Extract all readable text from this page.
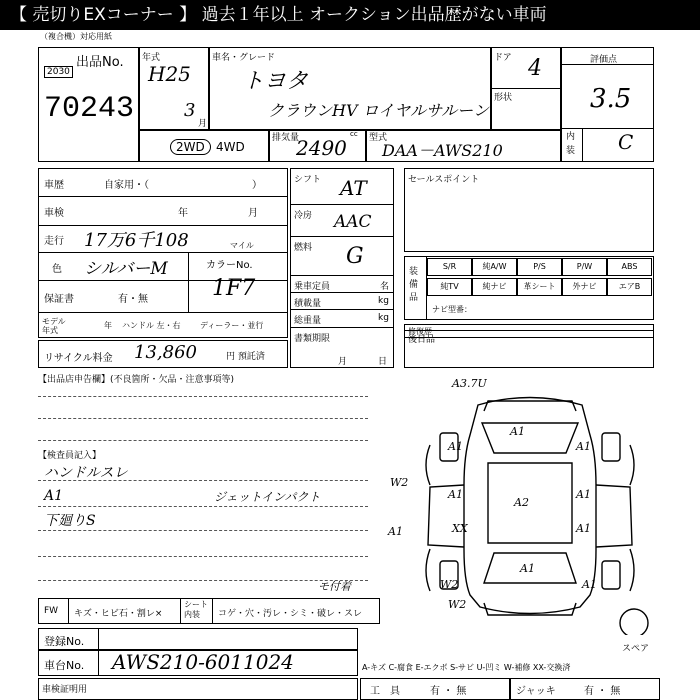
【 売切りEXコーナー 】 過去１年以上 オークション出品歴がない車両
（複合機）対応用紙
出品No.
2030
70243
年式
H25
3
月
車名・グレード
トヨタ
クラウンHV ロイヤルサルーン
ドア 4
形状
評価点
3.5
内装 C
2WD 4WD
排気量	cc
2490 型式
DAA－AWS210
車歴	自家用・（	）
車検	年	月
走行 17万6千108	マイル
色 シルバーM	カラーNo.
1F7
保証書	有・無
モデル 年式
年 ハンドル 左・右 ディーラー・並行
リサイクル料金 13,860	円 預託済
シフト AT
冷房 AAC
燃料 G
乗車定員	名
積載量	kg
総重量	kg
書類期限
月	日
セールスポイント
装備品
S/R	純A/W	P/S	P/W	ABS
純TV	純ナビ	革シート	外ナビ	エアB
ナビ型番：
修復歴
後日品
【出品店申告欄】(不良箇所・欠品・注意事項等)
【検査員記入】
ハンドルスレ
A1
下廻りS
ジェットインパクト
A3.7U
A1
A1	A1
A2
A1	A1
W2
A1	XX
W2
A1
A1
A1
W2
モ付着
スペア
FW キズ・ヒビ石・割レ×
シート 内装	コゲ・穴・汚レ・シミ・破レ・スレ
登録No.
車台No. AWS210-6011024	A-キズ C-腐食 E-エクボ S-サビ U-凹ミ W-補修 XX-交換済
車検証明用	工　具	有 ・ 無	ジャッキ	有 ・ 無
